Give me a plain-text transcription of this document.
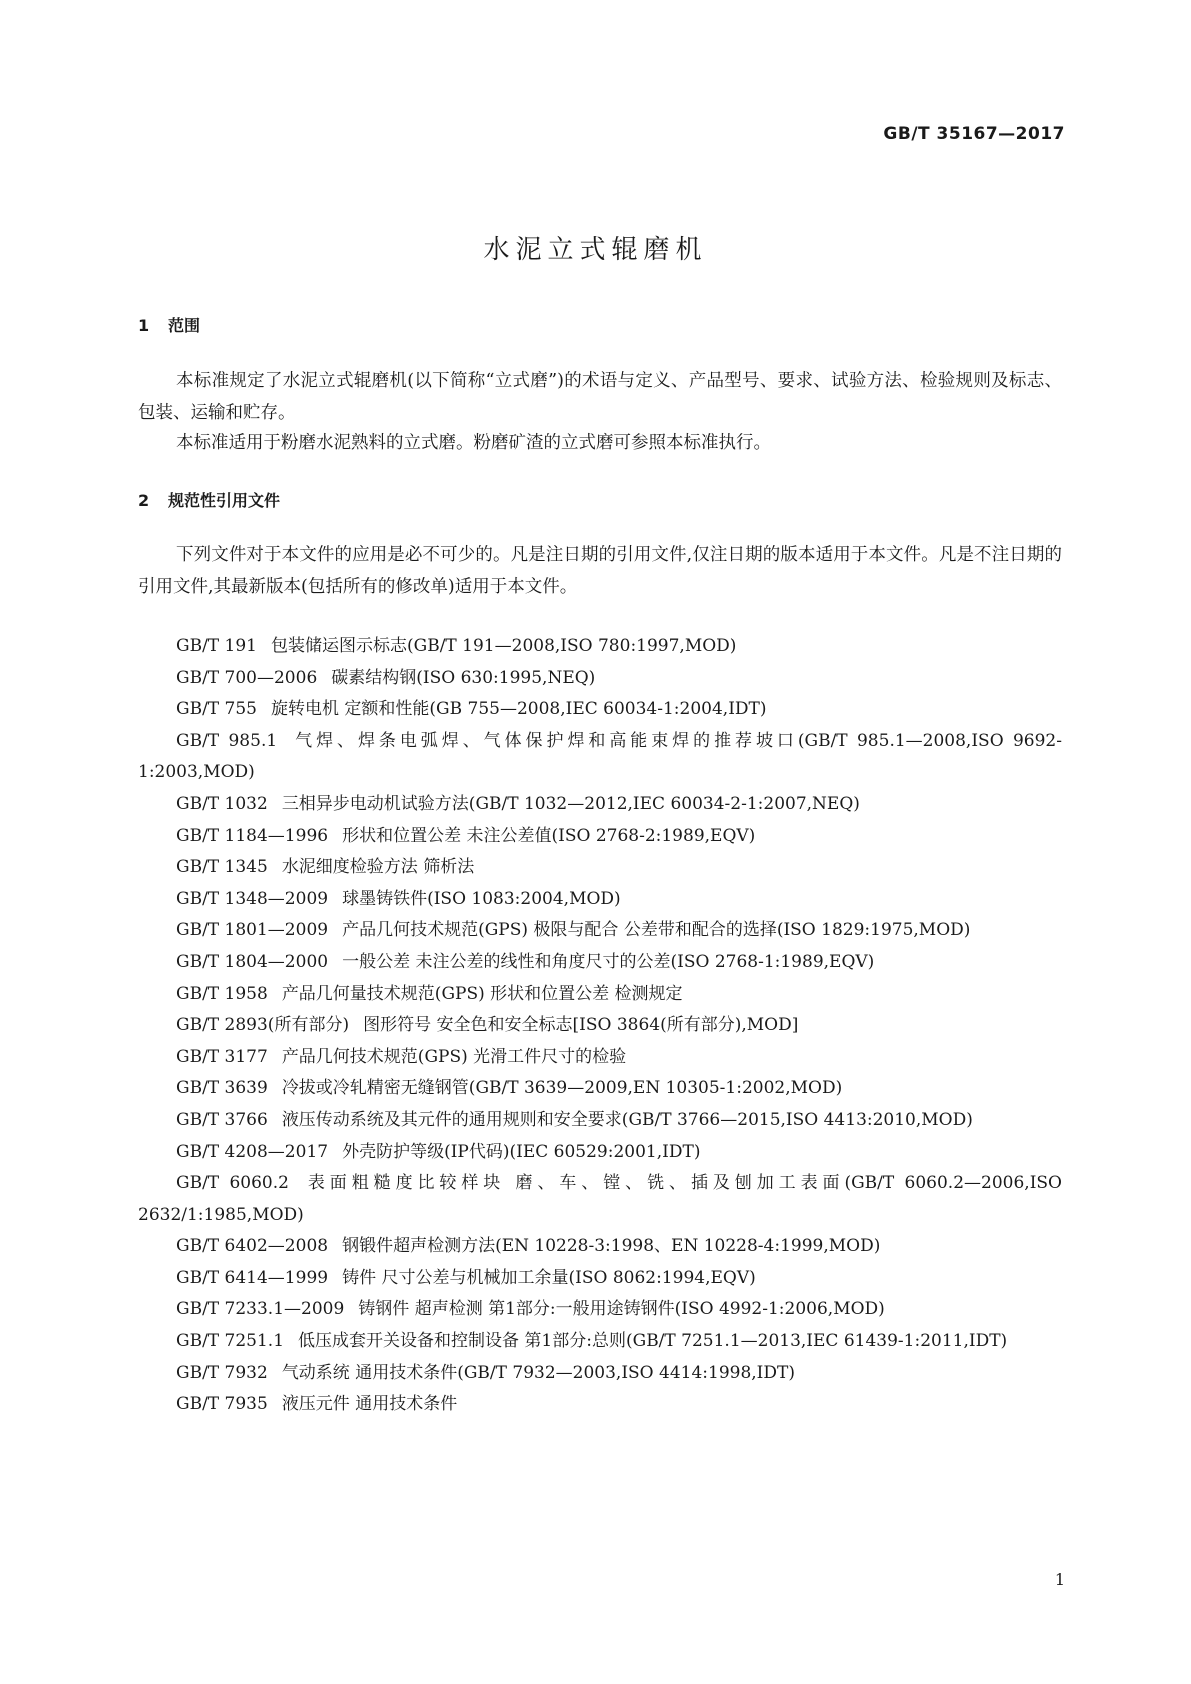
GB/T 35167—2017
水泥立式辊磨机
1 范围

本标准规定了水泥立式辊磨机(以下简称“立式磨”)的术语与定义、产品型号、要求、试验方法、检验规则及标志、包装、运输和贮存。

本标准适用于粉磨水泥熟料的立式磨。粉磨矿渣的立式磨可参照本标准执行。

2 规范性引用文件

下列文件对于本文件的应用是必不可少的。凡是注日期的引用文件,仅注日期的版本适用于本文件。凡是不注日期的引用文件,其最新版本(包括所有的修改单)适用于本文件。

GB/T 191 包装储运图示标志(GB/T 191—2008,ISO 780:1997,MOD)
GB/T 700—2006 碳素结构钢(ISO 630:1995,NEQ)
GB/T 755 旋转电机 定额和性能(GB 755—2008,IEC 60034-1:2004,IDT)
GB/T 985.1 气焊、焊条电弧焊、气体保护焊和高能束焊的推荐坡口(GB/T 985.1—2008,ISO 9692-1:2003,MOD)
GB/T 1032 三相异步电动机试验方法(GB/T 1032—2012,IEC 60034-2-1:2007,NEQ)
GB/T 1184—1996 形状和位置公差 未注公差值(ISO 2768-2:1989,EQV)
GB/T 1345 水泥细度检验方法 筛析法
GB/T 1348—2009 球墨铸铁件(ISO 1083:2004,MOD)
GB/T 1801—2009 产品几何技术规范(GPS) 极限与配合 公差带和配合的选择(ISO 1829:1975,MOD)
GB/T 1804—2000 一般公差 未注公差的线性和角度尺寸的公差(ISO 2768-1:1989,EQV)
GB/T 1958 产品几何量技术规范(GPS) 形状和位置公差 检测规定
GB/T 2893(所有部分) 图形符号 安全色和安全标志[ISO 3864(所有部分),MOD]
GB/T 3177 产品几何技术规范(GPS) 光滑工件尺寸的检验
GB/T 3639 冷拔或冷轧精密无缝钢管(GB/T 3639—2009,EN 10305-1:2002,MOD)
GB/T 3766 液压传动系统及其元件的通用规则和安全要求(GB/T 3766—2015,ISO 4413:2010,MOD)
GB/T 4208—2017 外壳防护等级(IP代码)(IEC 60529:2001,IDT)
GB/T 6060.2 表面粗糙度比较样块 磨、车、镗、铣、插及刨加工表面(GB/T 6060.2—2006,ISO 2632/1:1985,MOD)
GB/T 6402—2008 钢锻件超声检测方法(EN 10228-3:1998、EN 10228-4:1999,MOD)
GB/T 6414—1999 铸件 尺寸公差与机械加工余量(ISO 8062:1994,EQV)
GB/T 7233.1—2009 铸钢件 超声检测 第1部分:一般用途铸钢件(ISO 4992-1:2006,MOD)
GB/T 7251.1 低压成套开关设备和控制设备 第1部分:总则(GB/T 7251.1—2013,IEC 61439-1:2011,IDT)
GB/T 7932 气动系统 通用技术条件(GB/T 7932—2003,ISO 4414:1998,IDT)
GB/T 7935 液压元件 通用技术条件
1
